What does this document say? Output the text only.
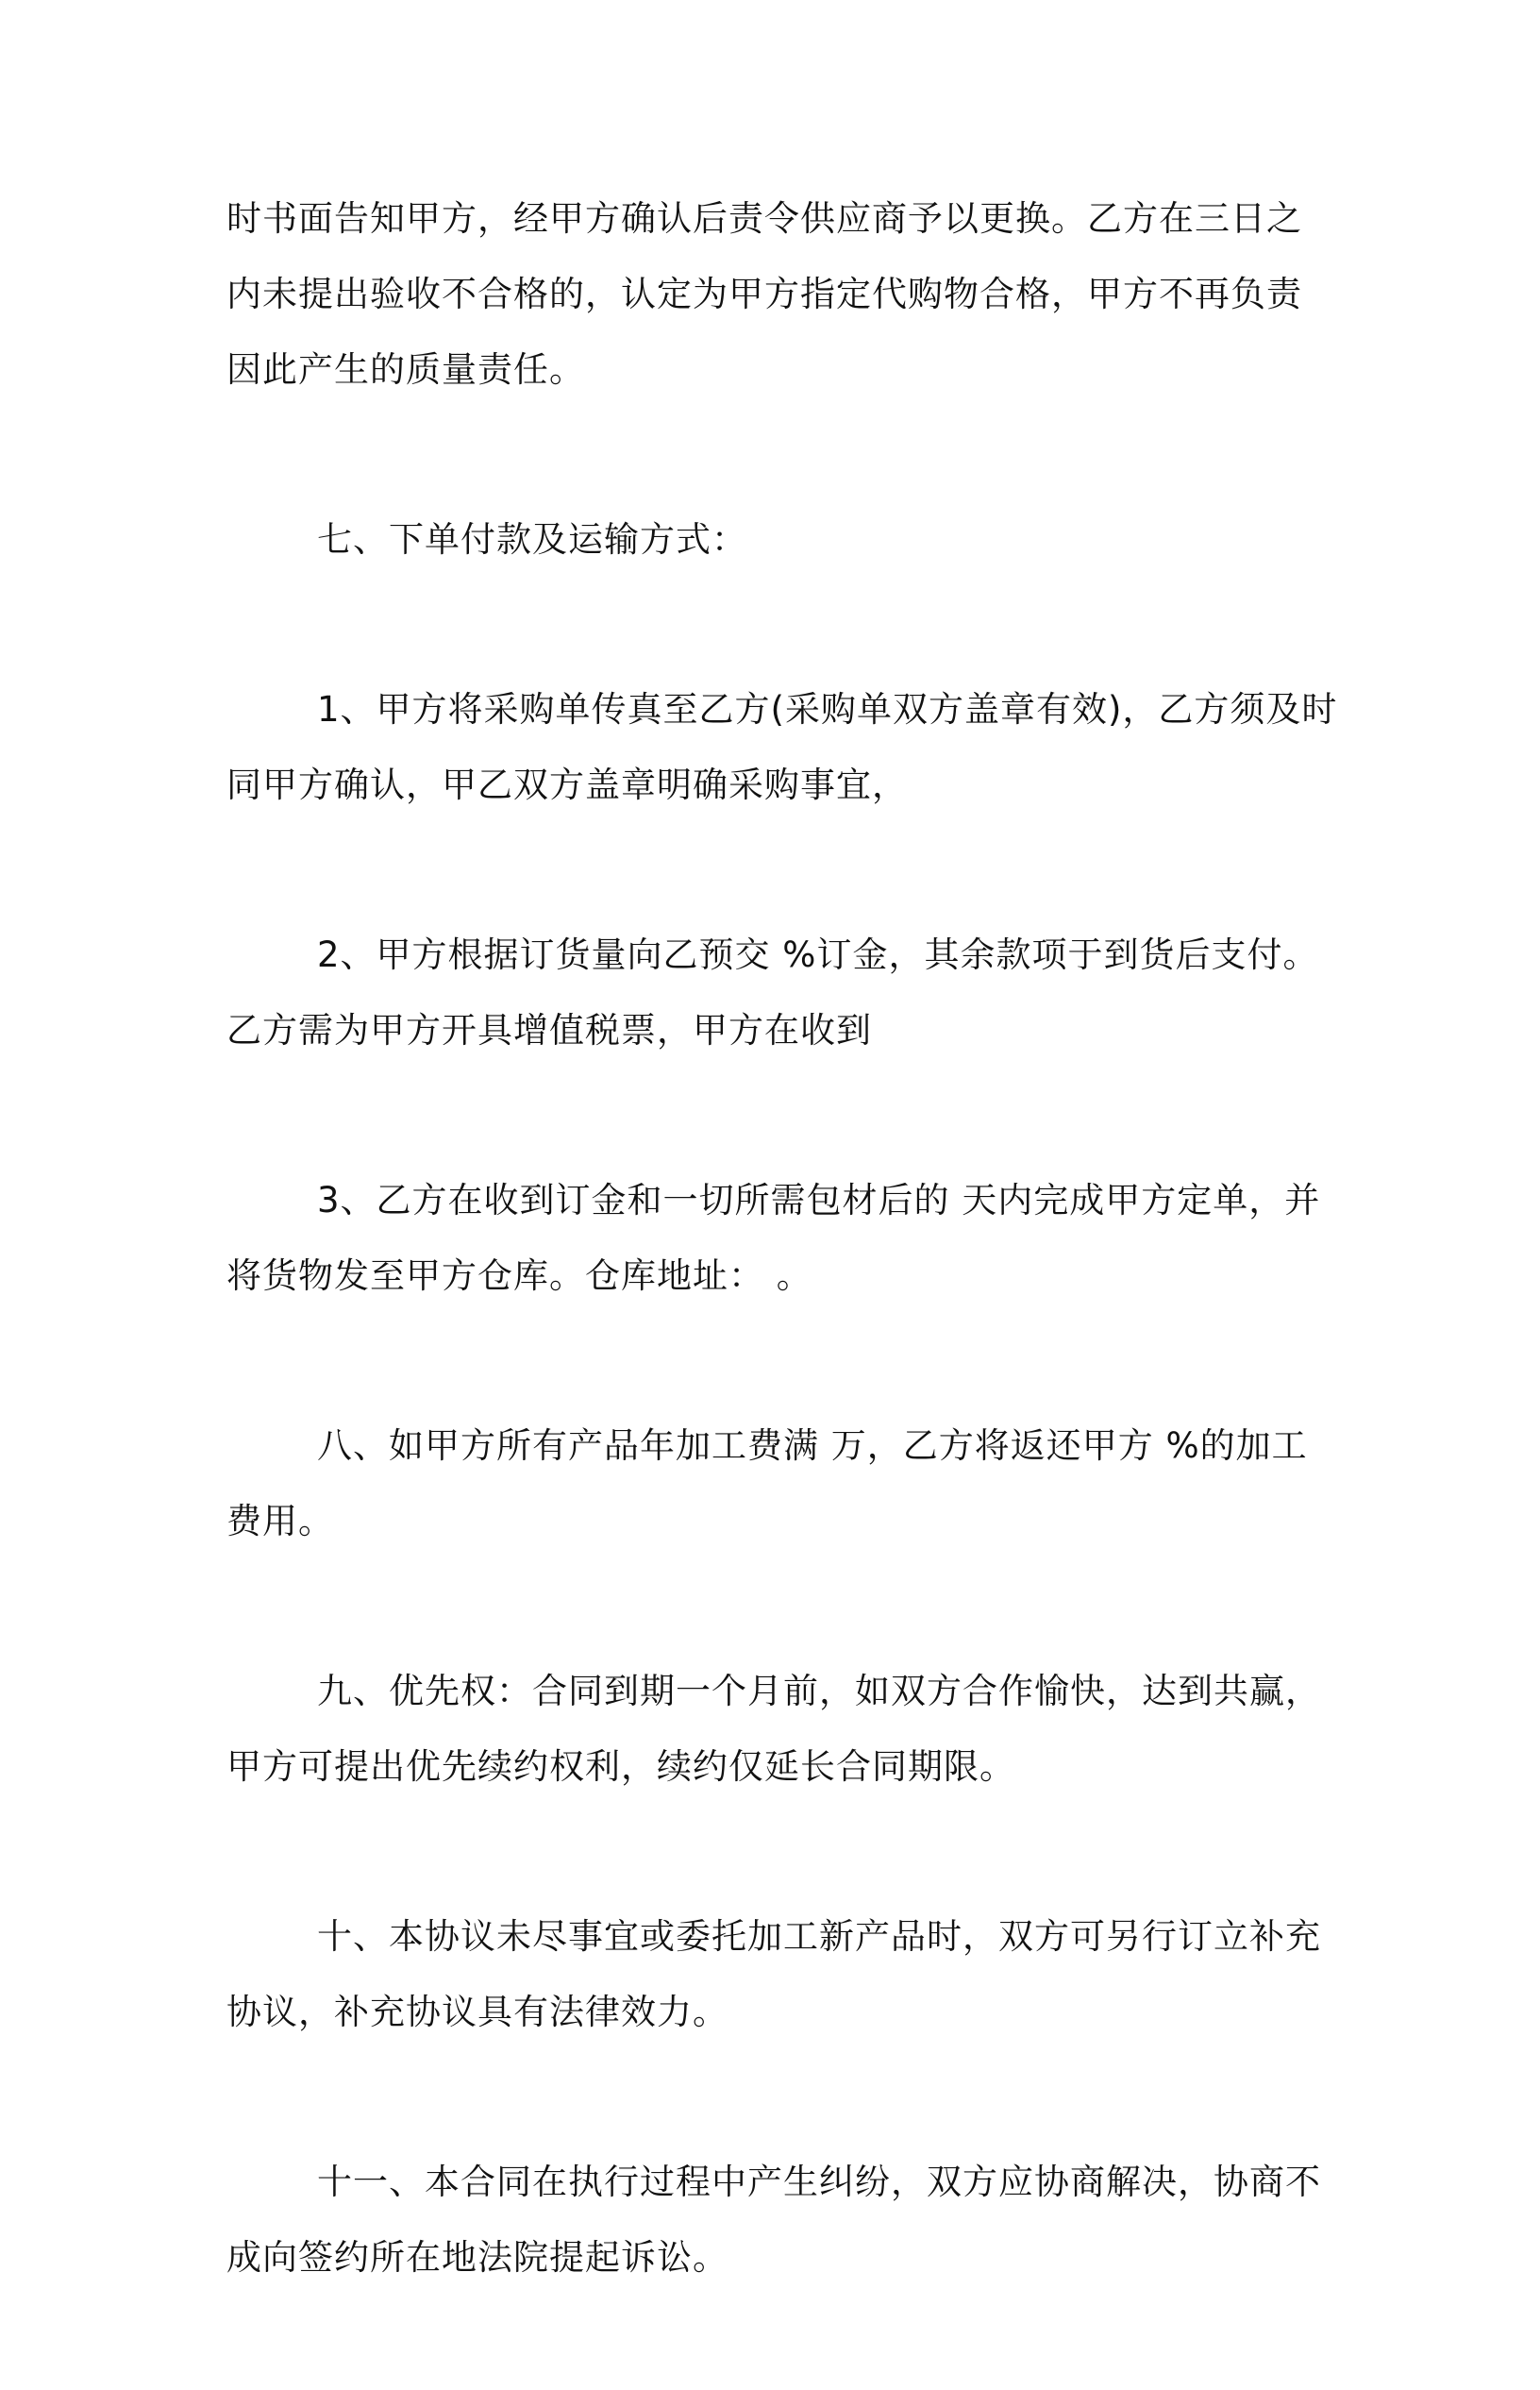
时书面告知甲方，经甲方确认后责令供应商予以更换。乙方在三日之
内未提出验收不合格的，认定为甲方指定代购物合格，甲方不再负责
因此产生的质量责任。

七、下单付款及运输方式：

1、甲方将采购单传真至乙方(采购单双方盖章有效)，乙方须及时
同甲方确认，甲乙双方盖章明确采购事宜，

2、甲方根据订货量向乙预交 %订金，其余款项于到货后支付。
乙方需为甲方开具增值税票，甲方在收到

3、乙方在收到订金和一切所需包材后的 天内完成甲方定单，并
将货物发至甲方仓库。仓库地址： 。

八、如甲方所有产品年加工费满 万，乙方将返还甲方 %的加工
费用。

九、优先权：合同到期一个月前，如双方合作愉快，达到共赢，
甲方可提出优先续约权利，续约仅延长合同期限。

十、本协议未尽事宜或委托加工新产品时，双方可另行订立补充
协议，补充协议具有法律效力。

十一、本合同在执行过程中产生纠纷，双方应协商解决，协商不
成向签约所在地法院提起诉讼。
